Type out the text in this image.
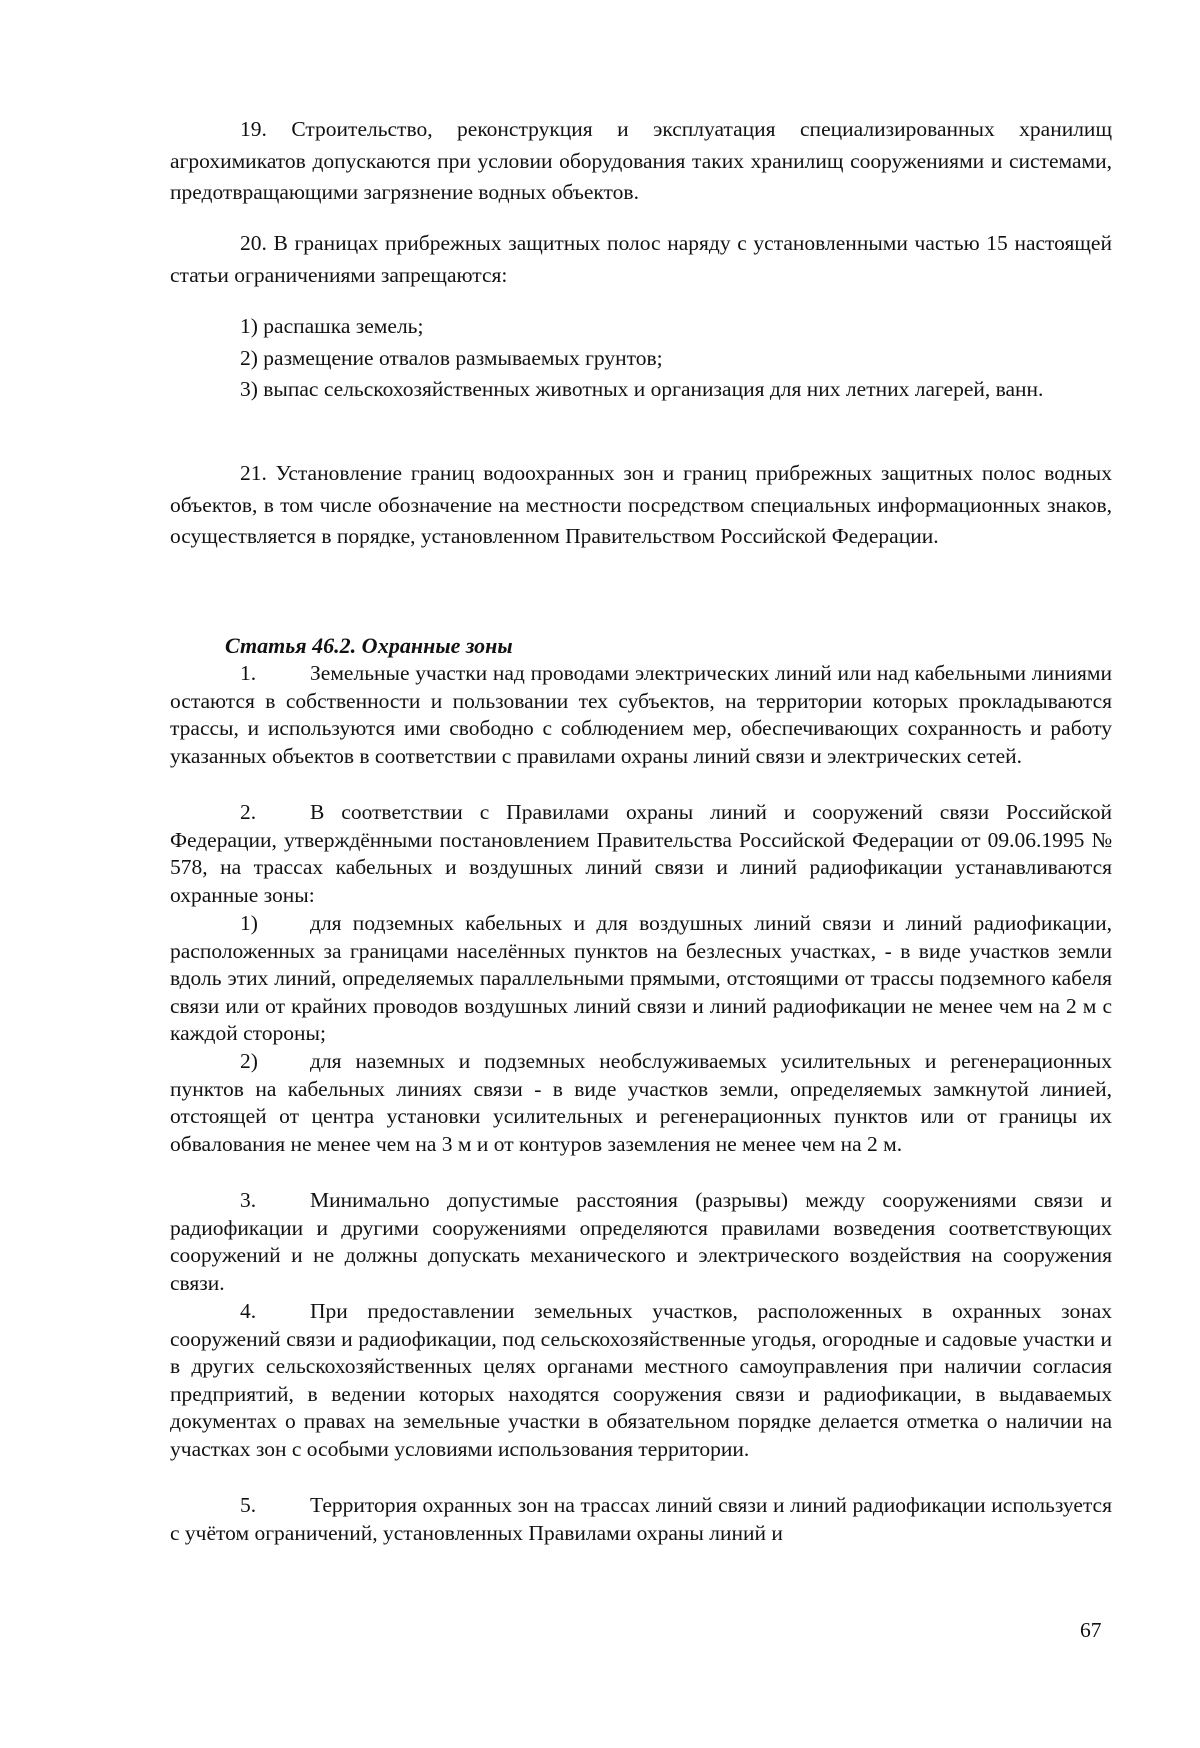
19. Строительство, реконструкция и эксплуатация специализированных хранилищ агрохимикатов допускаются при условии оборудования таких хранилищ сооружениями и системами, предотвращающими загрязнение водных объектов.

20. В границах прибрежных защитных полос наряду с установленными частью 15 настоящей статьи ограничениями запрещаются:

1) распашка земель;

2) размещение отвалов размываемых грунтов;

3) выпас сельскохозяйственных животных и организация для них летних лагерей, ванн.

21. Установление границ водоохранных зон и границ прибрежных защитных полос водных объектов, в том числе обозначение на местности посредством специальных информационных знаков, осуществляется в порядке, установленном Правительством Российской Федерации.

Статья 46.2. Охранные зоны

1.	Земельные участки над проводами электрических линий или над кабельными линиями остаются в собственности и пользовании тех субъектов, на территории которых прокладываются трассы, и используются ими свободно с соблюдением мер, обеспечивающих сохранность и работу указанных объектов в соответствии с правилами охраны линий связи и электрических сетей.

2.	В соответствии с Правилами охраны линий и сооружений связи Российской Федерации, утверждёнными постановлением Правительства Российской Федерации от 09.06.1995 № 578, на трассах кабельных и воздушных линий связи и линий радиофикации устанавливаются охранные зоны:

1) для подземных кабельных и для воздушных линий связи и линий радиофикации, расположенных за границами населённых пунктов на безлесных участках, - в виде участков земли вдоль этих линий, определяемых параллельными прямыми, отстоящими от трассы подземного кабеля связи или от крайних проводов воздушных линий связи и линий радиофикации не менее чем на 2 м с каждой стороны;

2) для наземных и подземных необслуживаемых усилительных и регенерационных пунктов на кабельных линиях связи - в виде участков земли, определяемых замкнутой линией, отстоящей от центра установки усилительных и регенерационных пунктов или от границы их обвалования не менее чем на 3 м и от контуров заземления не менее чем на 2 м.

3.	Минимально допустимые расстояния (разрывы) между сооружениями связи и радиофикации и другими сооружениями определяются правилами возведения соответствующих сооружений и не должны допускать механического и электрического воздействия на сооружения связи.

4.	При предоставлении земельных участков, расположенных в охранных зонах сооружений связи и радиофикации, под сельскохозяйственные угодья, огородные и садовые участки и в других сельскохозяйственных целях органами местного самоуправления при наличии согласия предприятий, в ведении которых находятся сооружения связи и радиофикации, в выдаваемых документах о правах на земельные участки в обязательном порядке делается отметка о наличии на участках зон с особыми условиями использования территории.

5.	Территория охранных зон на трассах линий связи и линий радиофикации используется с учётом ограничений, установленных Правилами охраны линий и

67
